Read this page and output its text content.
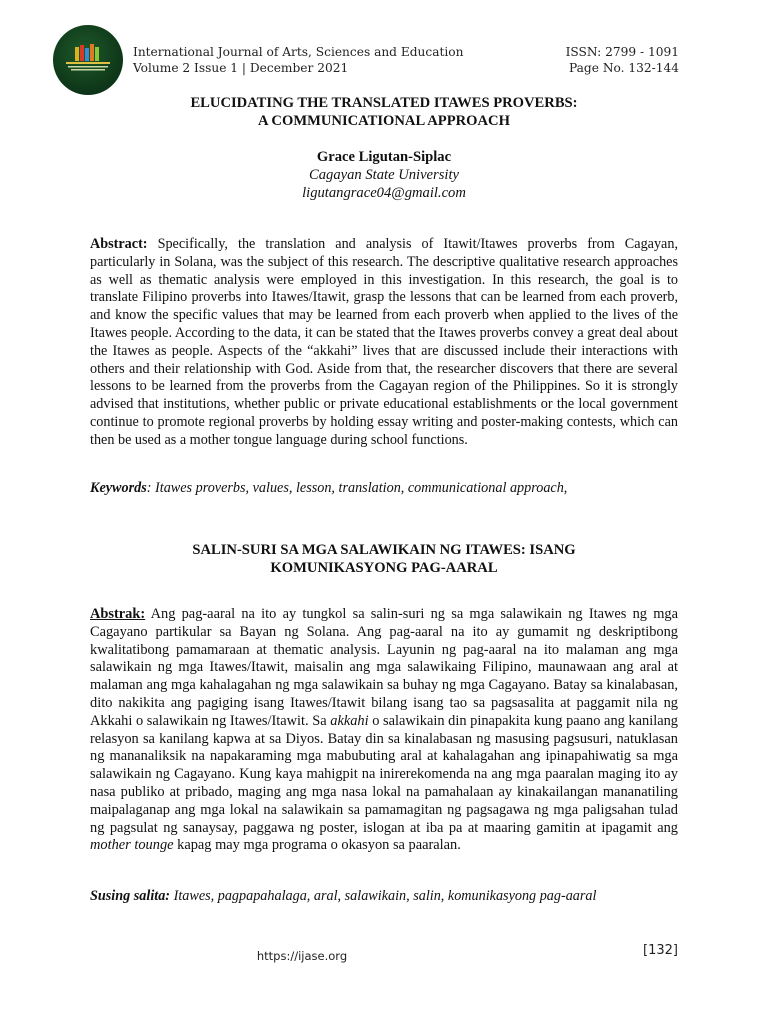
International Journal of Arts, Sciences and Education
Volume 2 Issue 1 | December 2021
ISSN: 2799 - 1091
Page No. 132-144
ELUCIDATING THE TRANSLATED ITAWES PROVERBS:
A COMMUNICATIONAL APPROACH
Grace Ligutan-Siplac
Cagayan State University
ligutangrace04@gmail.com
Abstract: Specifically, the translation and analysis of Itawit/Itawes proverbs from Cagayan, particularly in Solana, was the subject of this research. The descriptive qualitative research approaches as well as thematic analysis were employed in this investigation. In this research, the goal is to translate Filipino proverbs into Itawes/Itawit, grasp the lessons that can be learned from each proverb, and know the specific values that may be learned from each proverb when applied to the lives of the Itawes people. According to the data, it can be stated that the Itawes proverbs convey a great deal about the Itawes as people. Aspects of the “akkahi” lives that are discussed include their interactions with others and their relationship with God. Aside from that, the researcher discovers that there are several lessons to be learned from the proverbs from the Cagayan region of the Philippines. So it is strongly advised that institutions, whether public or private educational establishments or the local government continue to promote regional proverbs by holding essay writing and poster-making contests, which can then be used as a mother tongue language during school functions.
Keywords: Itawes proverbs, values, lesson, translation, communicational approach,
SALIN-SURI SA MGA SALAWIKAIN NG ITAWES: ISANG
KOMUNIKASYONG PAG-AARAL
Abstrak: Ang pag-aaral na ito ay tungkol sa salin-suri ng sa mga salawikain ng Itawes ng mga Cagayano partikular sa Bayan ng Solana. Ang pag-aaral na ito ay gumamit ng deskriptibong kwalitatibong pamamaraan at thematic analysis. Layunin ng pag-aaral na ito malaman ang mga salawikain ng mga Itawes/Itawit, maisalin ang mga salawikaing Filipino, maunawaan ang aral at malaman ang mga kahalagahan ng mga salawikain sa buhay ng mga Cagayano. Batay sa kinalabasan, dito nakikita ang pagiging isang Itawes/Itawit bilang isang tao sa pagsasalita at paggamit nila ng Akkahi o salawikain ng Itawes/Itawit. Sa akkahi o salawikain din pinapakita kung paano ang kanilang relasyon sa kanilang kapwa at sa Diyos. Batay din sa kinalabasan ng masusing pagsusuri, natuklasan ng mananaliksik na napakaraming mga mabubuting aral at kahalagahan ang ipinapahiwatig sa mga salawikain ng Cagayano. Kung kaya mahigpit na inirerekomenda na ang mga paaralan maging ito ay nasa publiko at pribado, maging ang mga nasa lokal na pamahalaan ay kinakailangan mananatiling maipalaganap ang mga lokal na salawikain sa pamamagitan ng pagsagawa ng mga paligsahan tulad ng pagsulat ng sanaysay, paggawa ng poster, islogan at iba pa at maaring gamitin at ipagamit ang mother tounge kapag may mga programa o okasyon sa paaralan.
Susing salita: Itawes, pagpapahalaga, aral, salawikain, salin, komunikasyong pag-aaral
https://ijase.org	[132]
